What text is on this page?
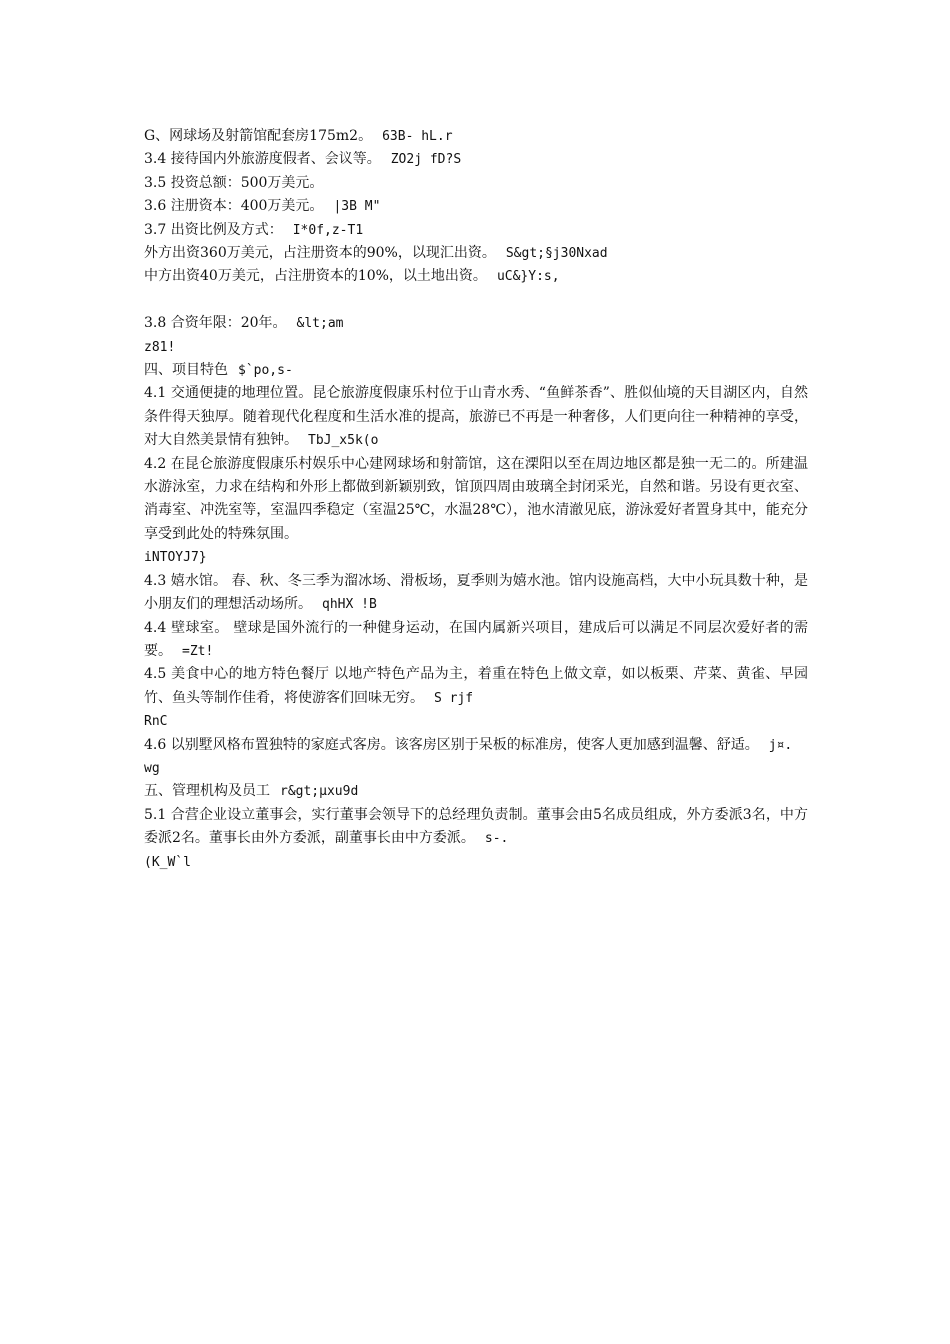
G、网球场及射箭馆配套房175m2。 63B- hL.r
3.4 接待国内外旅游度假者、会议等。 ZO2j fD?S
3.5 投资总额：500万美元。
3.6 注册资本：400万美元。 |3B M"
3.7 出资比例及方式： I*0f,z-T1
外方出资360万美元，占注册资本的90%，以现汇出资。 S&gt;§j30Nxad
中方出资40万美元，占注册资本的10%，以土地出资。 uC&}Y:s,
3.8 合资年限：20年。 &lt;am
z81!
四、项目特色 $`po,s-
4.1 交通便捷的地理位置。昆仑旅游度假康乐村位于山青水秀、“鱼鲜茶香”、胜似仙境的天目湖区内，自然条件得天独厚。随着现代化程度和生活水准的提高，旅游已不再是一种奢侈，人们更向往一种精神的享受，对大自然美景情有独钟。 TbJ_x5k(o
4.2 在昆仑旅游度假康乐村娱乐中心建网球场和射箭馆，这在溧阳以至在周边地区都是独一无二的。所建温水游泳室，力求在结构和外形上都做到新颖别致，馆顶四周由玻璃全封闭采光，自然和谐。另设有更衣室、消毒室、冲洗室等，室温四季稳定（室温25℃，水温28℃），池水清澈见底，游泳爱好者置身其中，能充分享受到此处的特殊氛围。
iNTOYJ7}
4.3 嬉水馆。 春、秋、冬三季为溜冰场、滑板场，夏季则为嬉水池。馆内设施高档，大中小玩具数十种，是小朋友们的理想活动场所。 qhHX !B
4.4 壁球室。 壁球是国外流行的一种健身运动，在国内属新兴项目，建成后可以满足不同层次爱好者的需要。 =Zt!
4.5 美食中心的地方特色餐厅 以地产特色产品为主，着重在特色上做文章，如以板栗、芹菜、黄雀、早园竹、鱼头等制作佳肴，将使游客们回味无穷。 S rjf
RnC
4.6 以别墅风格布置独特的家庭式客房。该客房区别于呆板的标准房，使客人更加感到温馨、舒适。 j¤.
wg
五、管理机构及员工 r&gt;µxu9d
5.1 合营企业设立董事会，实行董事会领导下的总经理负责制。董事会由5名成员组成，外方委派3名，中方委派2名。董事长由外方委派，副董事长由中方委派。 s-.
(K_W`l
